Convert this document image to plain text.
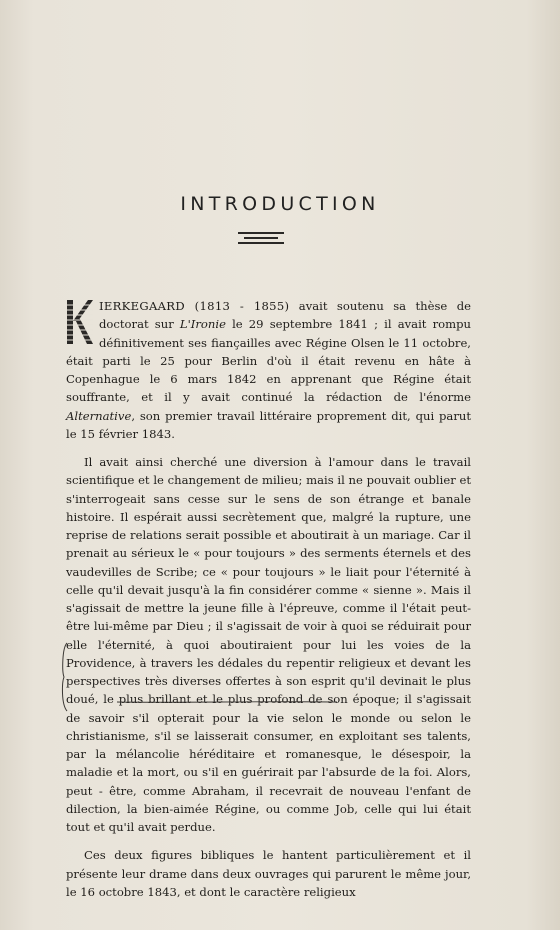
INTRODUCTION

IERKEGAARD (1813 - 1855) avait soutenu sa thèse de doctorat sur L'Ironie le 29 septembre 1841 ; il avait rompu définitivement ses fiançailles avec Régine Olsen le 11 octobre, était parti le 25 pour Berlin d'où il était revenu en hâte à Copenhague le 6 mars 1842 en apprenant que Régine était souffrante, et il y avait continué la rédaction de l'énorme Alternative, son premier travail littéraire proprement dit, qui parut le 15 février 1843.

Il avait ainsi cherché une diversion à l'amour dans le travail scientifique et le changement de milieu; mais il ne pouvait oublier et s'interrogeait sans cesse sur le sens de son étrange et banale histoire. Il espérait aussi secrètement que, malgré la rupture, une reprise de relations serait possible et aboutirait à un mariage. Car il prenait au sérieux le « pour toujours » des serments éternels et des vaudevilles de Scribe; ce « pour toujours » le liait pour l'éternité à celle qu'il devait jusqu'à la fin considérer comme « sienne ». Mais il s'agissait de mettre la jeune fille à l'épreuve, comme il l'était peut-être lui-même par Dieu ; il s'agissait de voir à quoi se réduirait pour elle l'éternité, à quoi aboutiraient pour lui les voies de la Providence, à travers les dédales du repentir religieux et devant les perspectives très diverses offertes à son esprit qu'il devinait le plus doué, le plus brillant et le plus profond de son époque; il s'agissait de savoir s'il opterait pour la vie selon le monde ou selon le christianisme, s'il se laisserait consumer, en exploitant ses talents, par la mélancolie héréditaire et romanesque, le désespoir, la maladie et la mort, ou s'il en guérirait par l'absurde de la foi. Alors, peut - être, comme Abraham, il recevrait de nouveau l'enfant de dilection, la bien-aimée Régine, ou comme Job, celle qui lui était tout et qu'il avait perdue.

Ces deux figures bibliques le hantent particulièrement et il présente leur drame dans deux ouvrages qui parurent le même jour, le 16 octobre 1843, et dont le caractère religieux
